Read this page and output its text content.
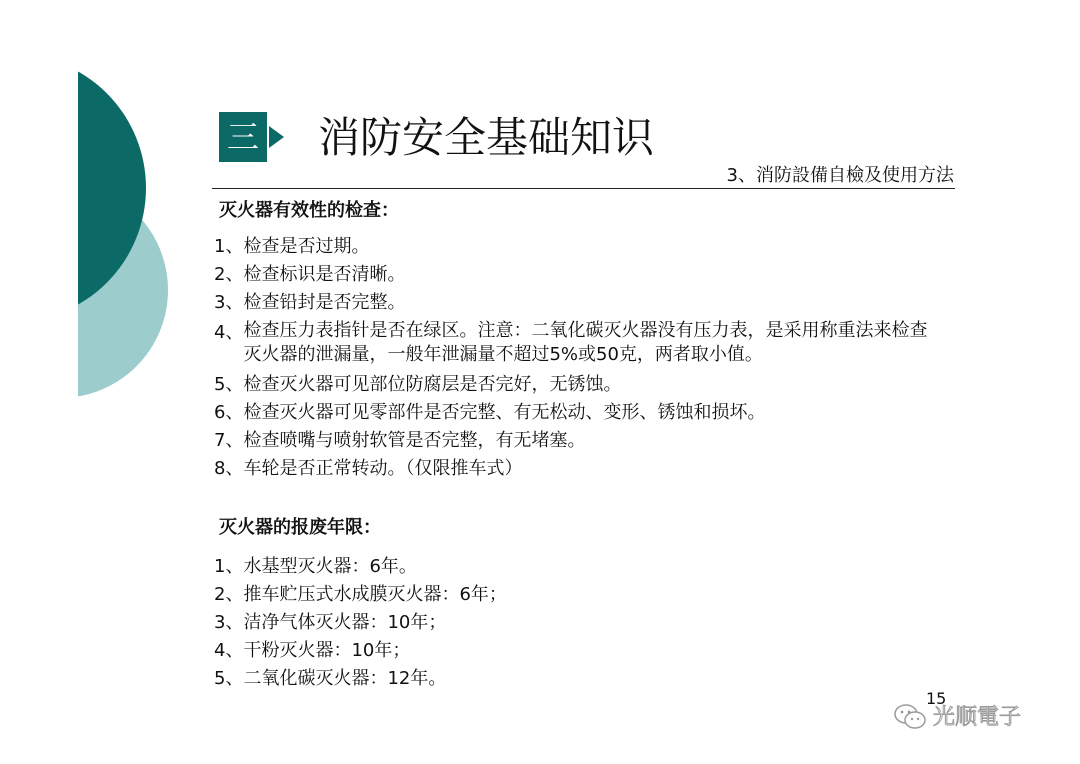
三 消防安全基础知识
3、消防設備自檢及使用方法
灭火器有效性的检查：
1、 检查是否过期。
2、 检查标识是否清晰。
3、 检查铅封是否完整。
4、 检查压力表指针是否在绿区。注意：二氧化碳灭火器没有压力表，是采用称重法来检查灭火器的泄漏量，一般年泄漏量不超过5%或50克，两者取小值。
5、 检查灭火器可见部位防腐层是否完好，无锈蚀。
6、 检查灭火器可见零部件是否完整、有无松动、变形、锈蚀和损坏。
7、 检查喷嘴与喷射软管是否完整，有无堵塞。
8、 车轮是否正常转动。（仅限推车式）
灭火器的报废年限：
1、 水基型灭火器：6年。
2、 推车贮压式水成膜灭火器：6年；
3、 洁净气体灭火器：10年；
4、 干粉灭火器：10年；
5、 二氧化碳灭火器：12年。
15
光顺電子
